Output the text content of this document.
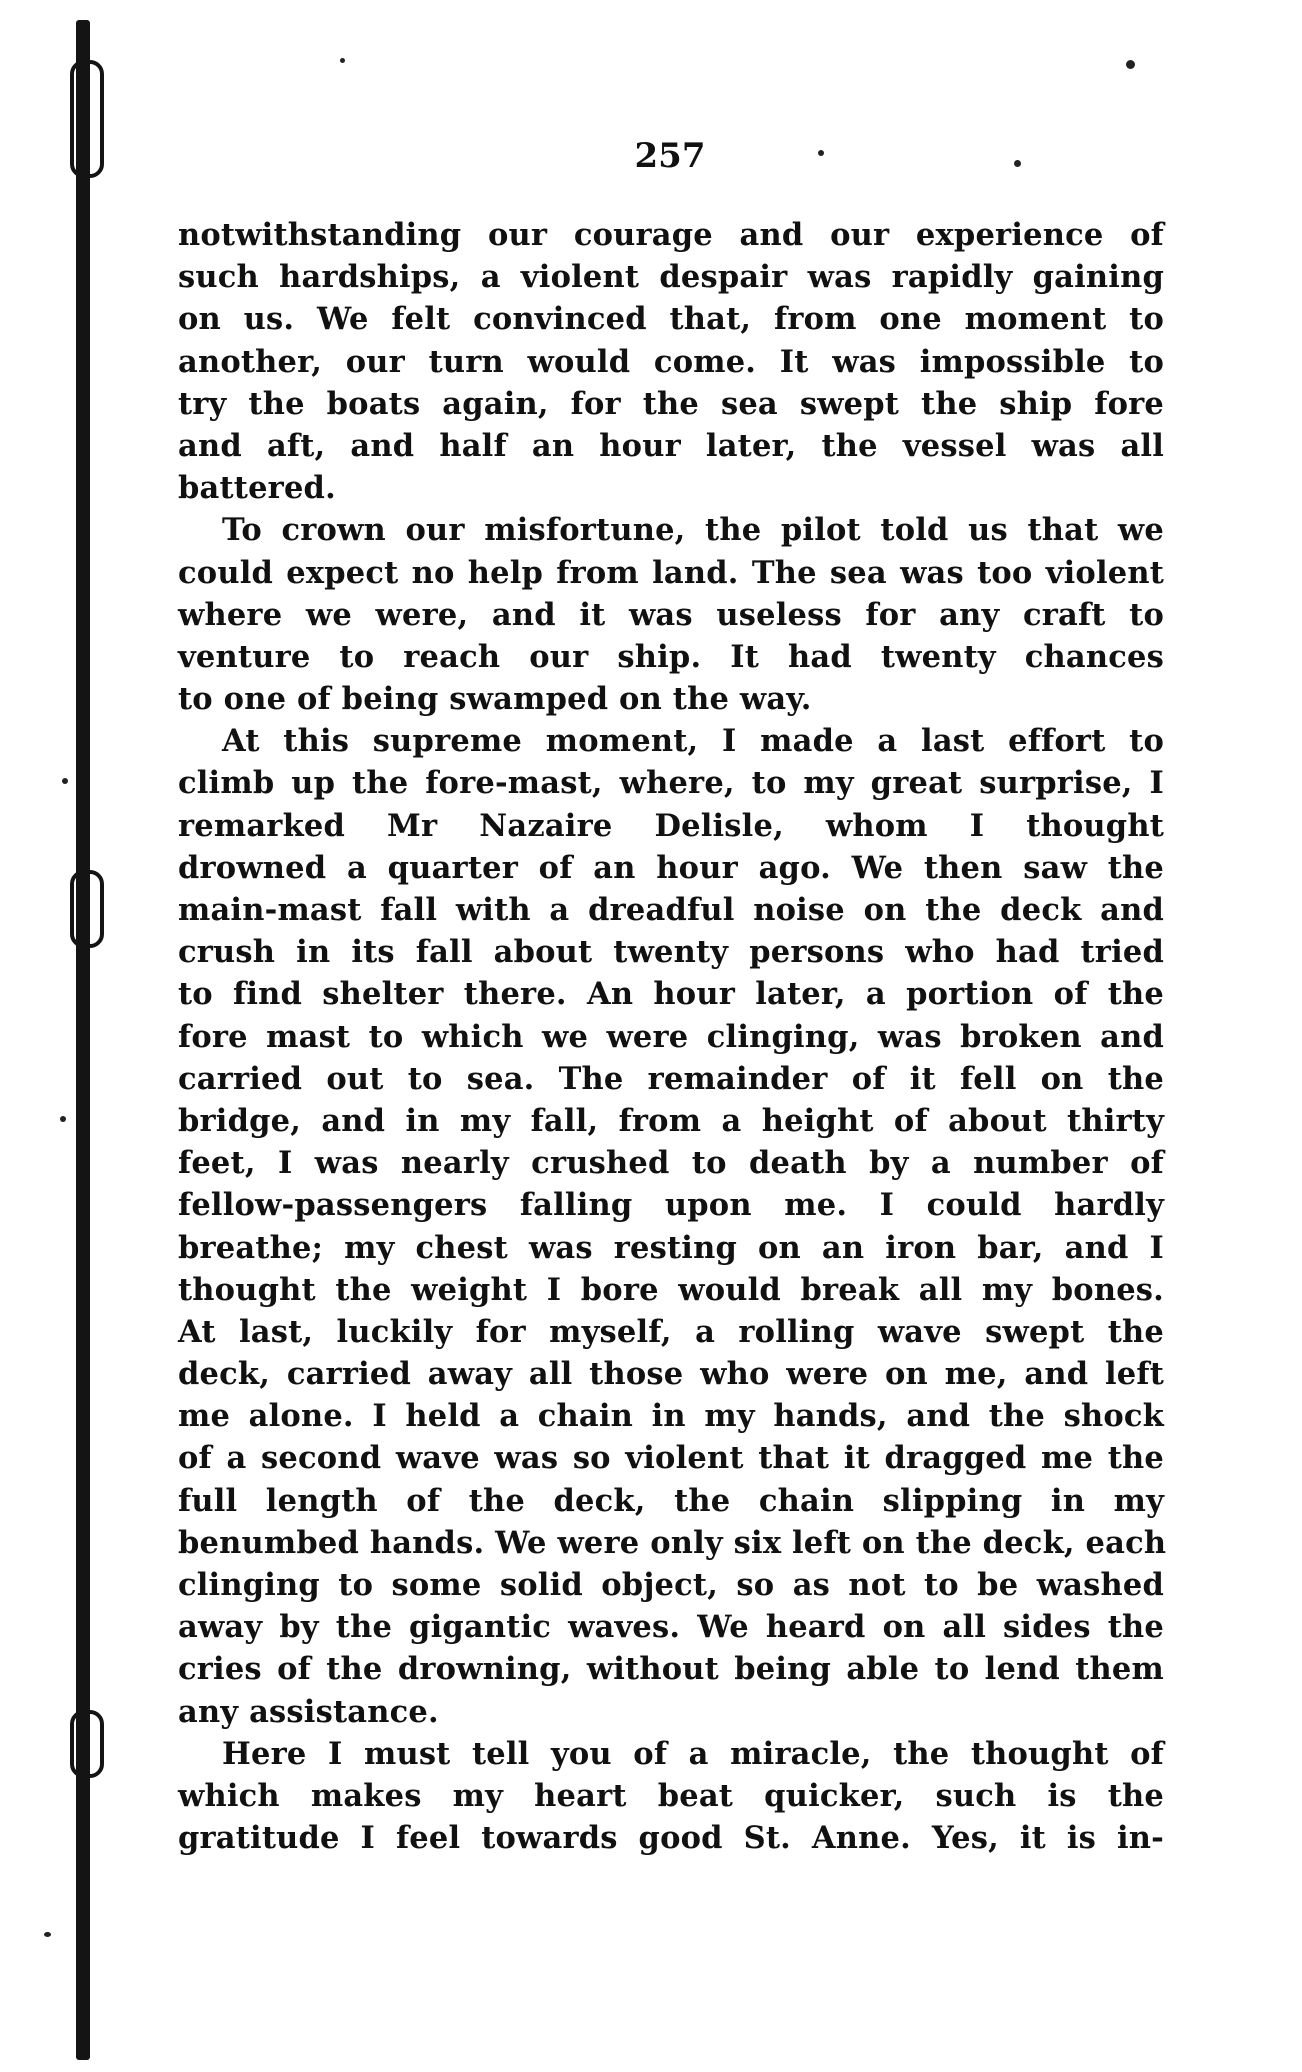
257
notwithstanding our courage and our experience of
such hardships, a violent despair was rapidly gaining
on us. We felt convinced that, from one moment to
another, our turn would come. It was impossible to
try the boats again, for the sea swept the ship fore
and aft, and half an hour later, the vessel was all
battered.
To crown our misfortune, the pilot told us that we
could expect no help from land. The sea was too violent
where we were, and it was useless for any craft to
venture to reach our ship. It had twenty chances
to one of being swamped on the way.
At this supreme moment, I made a last effort to
climb up the fore-mast, where, to my great surprise, I
remarked Mr Nazaire Delisle, whom I thought
drowned a quarter of an hour ago. We then saw the
main-mast fall with a dreadful noise on the deck and
crush in its fall about twenty persons who had tried
to find shelter there. An hour later, a portion of the
fore mast to which we were clinging, was broken and
carried out to sea. The remainder of it fell on the
bridge, and in my fall, from a height of about thirty
feet, I was nearly crushed to death by a number of
fellow-passengers falling upon me. I could hardly
breathe; my chest was resting on an iron bar, and I
thought the weight I bore would break all my bones.
At last, luckily for myself, a rolling wave swept the
deck, carried away all those who were on me, and left
me alone. I held a chain in my hands, and the shock
of a second wave was so violent that it dragged me the
full length of the deck, the chain slipping in my
benumbed hands. We were only six left on the deck, each
clinging to some solid object, so as not to be washed
away by the gigantic waves. We heard on all sides the
cries of the drowning, without being able to lend them
any assistance.
Here I must tell you of a miracle, the thought of
which makes my heart beat quicker, such is the
gratitude I feel towards good St. Anne. Yes, it is in-
